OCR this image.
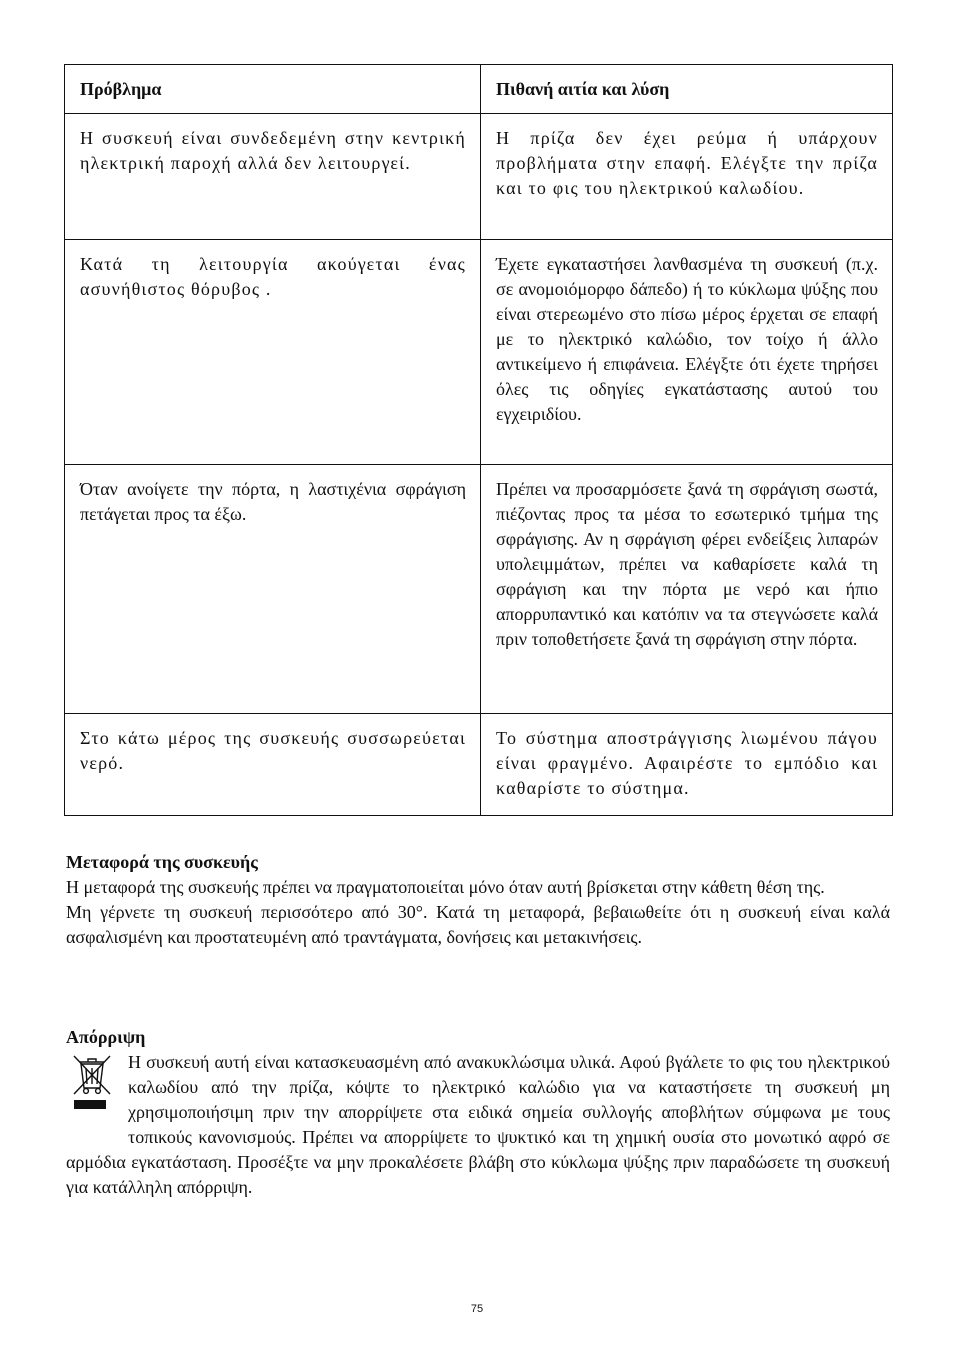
Πρόβλημα	Πιθανή αιτία και λύση
Η συσκευή είναι συνδεδεμένη στην κεντρική ηλεκτρική παροχή αλλά δεν λειτουργεί.	Η πρίζα δεν έχει ρεύμα ή υπάρχουν προβλήματα στην επαφή. Ελέγξτε την πρίζα και το φις του ηλεκτρικού καλωδίου.
Κατά τη λειτουργία ακούγεται ένας ασυνήθιστος θόρυβος .	Έχετε εγκαταστήσει λανθασμένα τη συσκευή (π.χ. σε ανομοιόμορφο δάπεδο) ή το κύκλωμα ψύξης που είναι στερεωμένο στο πίσω μέρος έρχεται σε επαφή με το ηλεκτρικό καλώδιο, τον τοίχο ή άλλο αντικείμενο ή επιφάνεια. Ελέγξτε ότι έχετε τηρήσει όλες τις οδηγίες εγκατάστασης αυτού του εγχειριδίου.
Όταν ανοίγετε την πόρτα, η λαστιχένια σφράγιση πετάγεται προς τα έξω.	Πρέπει να προσαρμόσετε ξανά τη σφράγιση σωστά, πιέζοντας προς τα μέσα το εσωτερικό τμήμα της σφράγισης. Αν η σφράγιση φέρει ενδείξεις λιπαρών υπολειμμάτων, πρέπει να καθαρίσετε καλά τη σφράγιση και την πόρτα με νερό και ήπιο απορρυπαντικό και κατόπιν να τα στεγνώσετε καλά πριν τοποθετήσετε ξανά τη σφράγιση στην πόρτα.
Στο κάτω μέρος της συσκευής συσσωρεύεται νερό.	Το σύστημα αποστράγγισης λιωμένου πάγου είναι φραγμένο. Αφαιρέστε το εμπόδιο και καθαρίστε το σύστημα.
Μεταφορά της συσκευής

Η μεταφορά της συσκευής πρέπει να πραγματοποιείται μόνο όταν αυτή βρίσκεται στην κάθετη θέση της.

Μη γέρνετε τη συσκευή περισσότερο από 30°. Κατά τη μεταφορά, βεβαιωθείτε ότι η συσκευή είναι καλά ασφαλισμένη και προστατευμένη από τραντάγματα, δονήσεις και μετακινήσεις.

Απόρριψη

Η συσκευή αυτή είναι κατασκευασμένη από ανακυκλώσιμα υλικά. Αφού βγάλετε το φις του ηλεκτρικού καλωδίου από την πρίζα, κόψτε το ηλεκτρικό καλώδιο για να καταστήσετε τη συσκευή μη χρησιμοποιήσιμη πριν την απορρίψετε στα ειδικά σημεία συλλογής αποβλήτων σύμφωνα με τους τοπικούς κανονισμούς. Πρέπει να απορρίψετε το ψυκτικό και τη χημική ουσία στο μονωτικό αφρό σε αρμόδια εγκατάσταση. Προσέξτε να μην προκαλέσετε βλάβη στο κύκλωμα ψύξης πριν παραδώσετε τη συσκευή για κατάλληλη απόρριψη.

75
